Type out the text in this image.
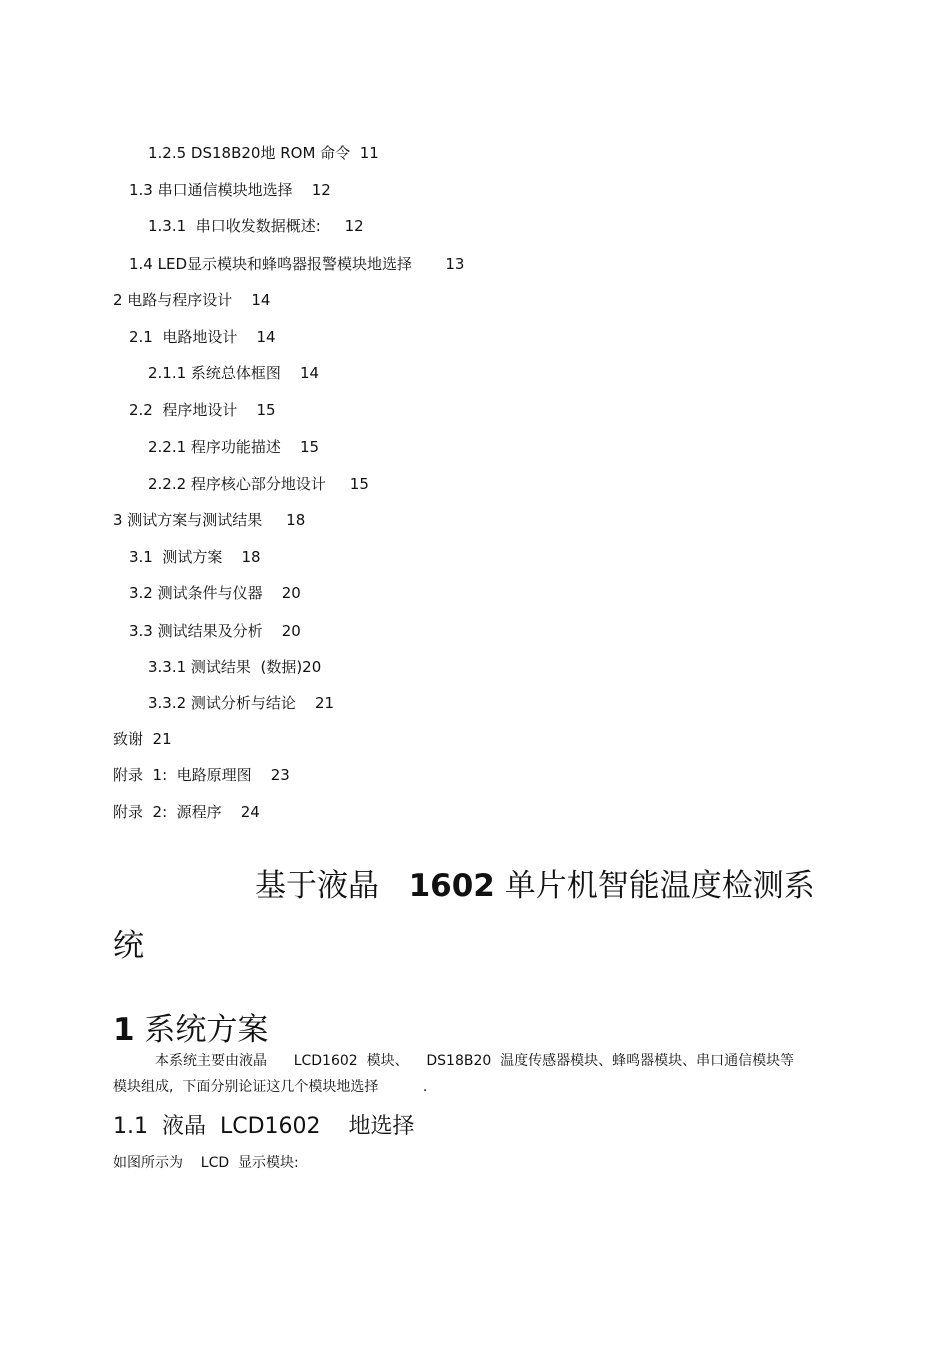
1.2.5 DS18B20地 ROM 命令  11
1.3 串口通信模块地选择    12
1.3.1  串口收发数据概述:     12
1.4 LED显示模块和蜂鸣器报警模块地选择       13
2 电路与程序设计    14
2.1  电路地设计    14
2.1.1 系统总体框图    14
2.2  程序地设计    15
2.2.1 程序功能描述    15
2.2.2 程序核心部分地设计     15
3 测试方案与测试结果     18
3.1  测试方案    18
3.2 测试条件与仪器    20
3.3 测试结果及分析    20
3.3.1 测试结果  (数据)20
3.3.2 测试分析与结论    21
致谢  21
附录  1:  电路原理图    23
附录  2:  源程序    24
基于液晶   1602 单片机智能温度检测系
统
1 系统方案
本系统主要由液晶      LCD1602  模块、    DS18B20  温度传感器模块、蜂鸣器模块、串口通信模块等
模块组成,  下面分别论证这几个模块地选择          .
1.1  液晶  LCD1602    地选择
如图所示为    LCD  显示模块:
